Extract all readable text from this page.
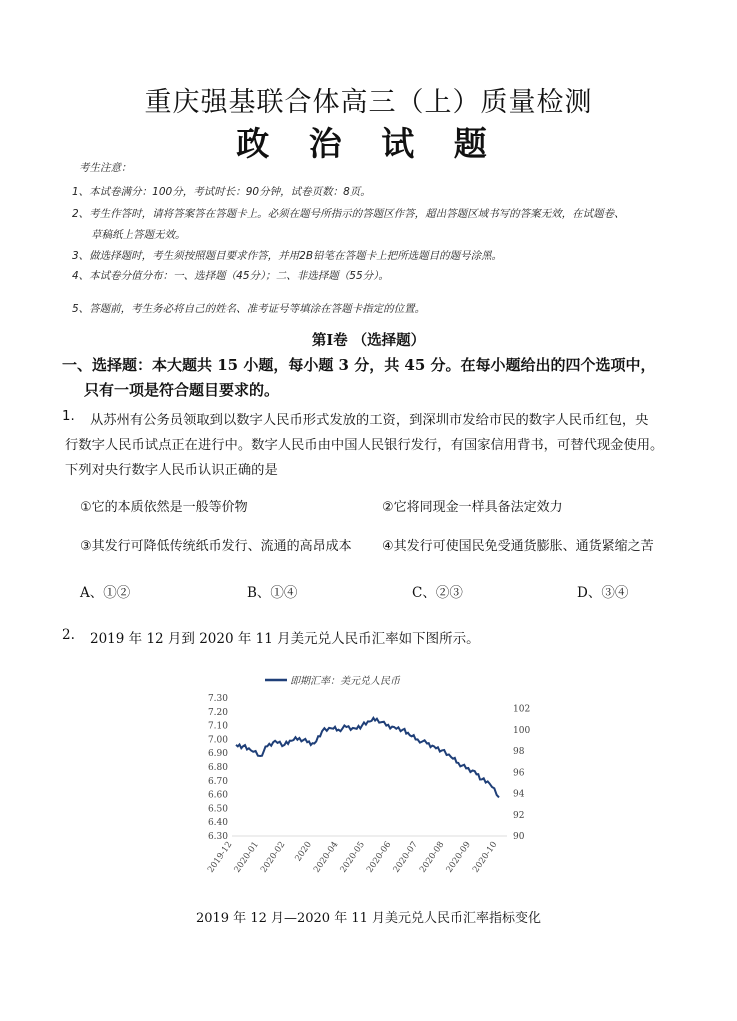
重庆强基联合体高三（上）质量检测
政 治 试 题
考生注意：
1、本试卷满分：100分，考试时长：90分钟，试卷页数：8页。
2、考生作答时，请将答案答在答题卡上。必须在题号所指示的答题区作答，超出答题区域书写的答案无效，在试题卷、
草稿纸上答题无效。
3、做选择题时，考生须按照题目要求作答，并用2B铅笔在答题卡上把所选题目的题号涂黑。
4、本试卷分值分布：一、选择题（45分）；二、非选择题（55分）。
5、答题前，考生务必将自己的姓名、准考证号等填涂在答题卡指定的位置。
第Ⅰ卷 （选择题）
一、选择题：本大题共 15 小题，每小题 3 分，共 45 分。在每小题给出的四个选项中，
只有一项是符合题目要求的。
1. 从苏州有公务员领取到以数字人民币形式发放的工资，到深圳市发给市民的数字人民币红包，央
行数字人民币试点正在进行中。数字人民币由中国人民银行发行，有国家信用背书，可替代现金使用。
下列对央行数字人民币认识正确的是
①它的本质依然是一般等价物	②它将同现金一样具备法定效力
③其发行可降低传统纸币发行、流通的高昂成本 ④其发行可使国民免受通货膨胀、通货紧缩之苦
A、①②	B、①④	C、②③	D、③④
2. 2019 年 12 月到 2020 年 11 月美元兑人民币汇率如下图所示。
即期汇率：美元兑人民币
7.30
7.20
7.10
7.00
6.90
6.80
6.70
6.60
6.50
6.40
6.30
102
100
98
96
94
92
90
2019-12
2020-01
2020-02 2020
2020-04
2020-05
2020-06
2020-07
2020-08
2020-09
2020-10
2019 年 12 月—2020 年 11 月美元兑人民币汇率指标变化
